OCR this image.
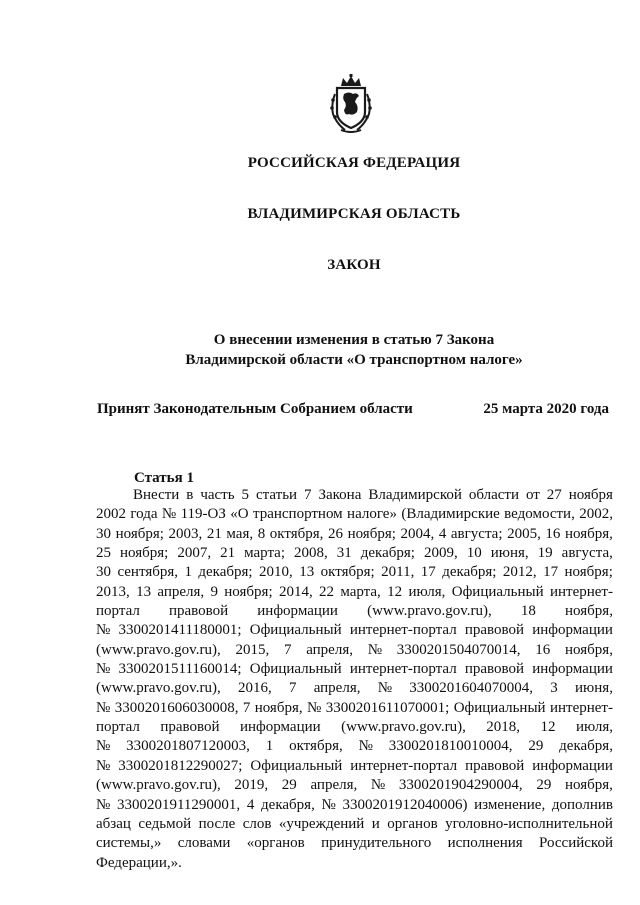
РОССИЙСКАЯ ФЕДЕРАЦИЯ
ВЛАДИМИРСКАЯ ОБЛАСТЬ
ЗАКОН
О внесении изменения в статью 7 Закона
Владимирской области «О транспортном налоге»
Принят Законодательным Собранием области	25 марта 2020 года
Статья 1
Внести в часть 5 статьи 7 Закона Владимирской области от 27 ноября
2002 года № 119-ОЗ «О транспортном налоге» (Владимирские ведомости, 2002,
30 ноября; 2003, 21 мая, 8 октября, 26 ноября; 2004, 4 августа; 2005, 16 ноября,
25 ноября; 2007, 21 марта; 2008, 31 декабря; 2009, 10 июня, 19 августа,
30 сентября, 1 декабря; 2010, 13 октября; 2011, 17 декабря; 2012, 17 ноября;
2013, 13 апреля, 9 ноября; 2014, 22 марта, 12 июля, Официальный интернет-
портал правовой информации (www.pravo.gov.ru), 18 ноября,
№ 3300201411180001; Официальный интернет-портал правовой информации
(www.pravo.gov.ru), 2015, 7 апреля, № 3300201504070014, 16 ноября,
№ 3300201511160014; Официальный интернет-портал правовой информации
(www.pravo.gov.ru), 2016, 7 апреля, № 3300201604070004, 3 июня,
№ 3300201606030008, 7 ноября, № 3300201611070001; Официальный интернет-
портал правовой информации (www.pravo.gov.ru), 2018, 12 июля,
№ 3300201807120003, 1 октября, № 3300201810010004, 29 декабря,
№ 3300201812290027; Официальный интернет-портал правовой информации
(www.pravo.gov.ru), 2019, 29 апреля, № 3300201904290004, 29 ноября,
№ 3300201911290001, 4 декабря, № 3300201912040006) изменение, дополнив
абзац седьмой после слов «учреждений и органов уголовно-исполнительной
системы,» словами «органов принудительного исполнения Российской
Федерации,».
